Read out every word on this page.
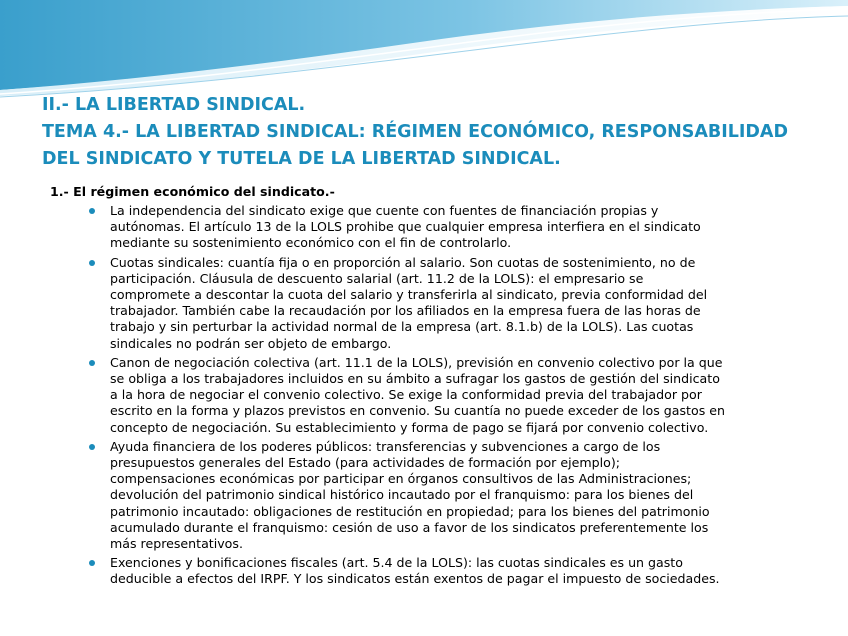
II.- LA LIBERTAD SINDICAL.
TEMA 4.- LA LIBERTAD SINDICAL: RÉGIMEN ECONÓMICO, RESPONSABILIDAD
DEL SINDICATO Y TUTELA DE LA LIBERTAD SINDICAL.
1.- El régimen económico del sindicato.-
La independencia del sindicato exige que cuente con fuentes de financiación propias y
autónomas. El artículo 13 de la LOLS prohibe que cualquier empresa interfiera en el sindicato
mediante su sostenimiento económico con el fin de controlarlo.
Cuotas sindicales: cuantía fija o en proporción al salario. Son cuotas de sostenimiento, no de
participación. Cláusula de descuento salarial (art. 11.2 de la LOLS): el empresario se
compromete a descontar la cuota del salario y transferirla al sindicato, previa conformidad del
trabajador. También cabe la recaudación por los afiliados en la empresa fuera de las horas de
trabajo y sin perturbar la actividad normal de la empresa (art. 8.1.b) de la LOLS). Las cuotas
sindicales no podrán ser objeto de embargo.
Canon de negociación colectiva (art. 11.1 de la LOLS), previsión en convenio colectivo por la que
se obliga a los trabajadores incluidos en su ámbito a sufragar los gastos de gestión del sindicato
a la hora de negociar el convenio colectivo. Se exige la conformidad previa del trabajador por
escrito en la forma y plazos previstos en convenio. Su cuantía no puede exceder de los gastos en
concepto de negociación. Su establecimiento y forma de pago se fijará por convenio colectivo.
Ayuda financiera de los poderes públicos: transferencias y subvenciones a cargo de los
presupuestos generales del Estado (para actividades de formación por ejemplo);
compensaciones económicas por participar en órganos consultivos de las Administraciones;
devolución del patrimonio sindical histórico incautado por el franquismo: para los bienes del
patrimonio incautado: obligaciones de restitución en propiedad; para los bienes del patrimonio
acumulado durante el franquismo: cesión de uso a favor de los sindicatos preferentemente los
más representativos.
Exenciones y bonificaciones fiscales (art. 5.4 de la LOLS): las cuotas sindicales es un gasto
deducible a efectos del IRPF. Y los sindicatos están exentos de pagar el impuesto de sociedades.
